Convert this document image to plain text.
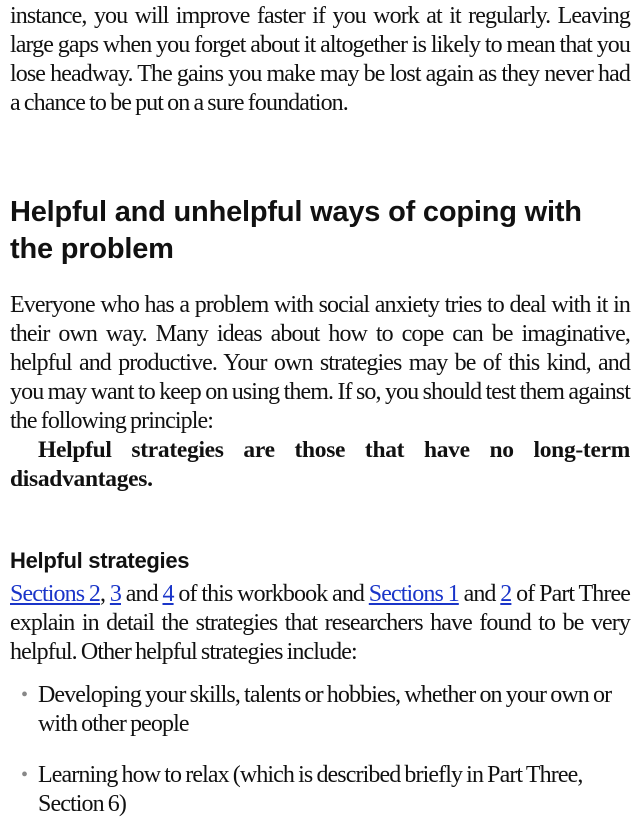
instance, you will improve faster if you work at it regularly. Leaving large gaps when you forget about it altogether is likely to mean that you lose headway. The gains you make may be lost again as they never had a chance to be put on a sure foundation.

Helpful and unhelpful ways of coping with the problem

Everyone who has a problem with social anxiety tries to deal with it in their own way. Many ideas about how to cope can be imaginative, helpful and productive. Your own strategies may be of this kind, and you may want to keep on using them. If so, you should test them against the following principle:

Helpful strategies are those that have no long-term disadvantages.

Helpful strategies

Sections 2, 3 and 4 of this workbook and Sections 1 and 2 of Part Three explain in detail the strategies that researchers have found to be very helpful. Other helpful strategies include:

• Developing your skills, talents or hobbies, whether on your own or with other people
• Learning how to relax (which is described briefly in Part Three, Section 6)
